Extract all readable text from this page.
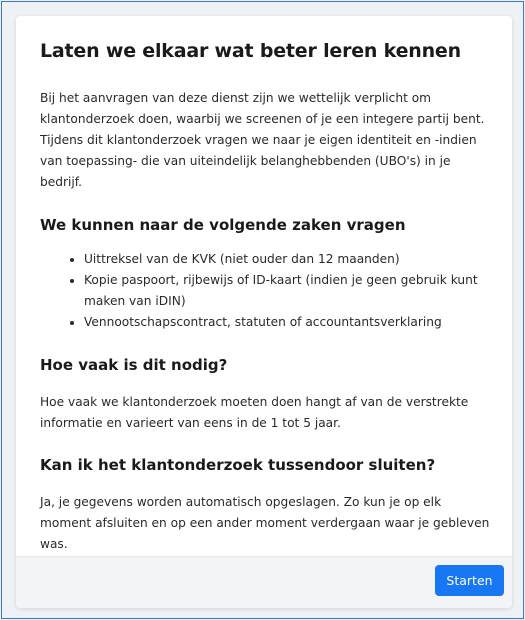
Laten we elkaar wat beter leren kennen

Bij het aanvragen van deze dienst zijn we wettelijk verplicht om klantonderzoek doen, waarbij we screenen of je een integere partij bent. Tijdens dit klantonderzoek vragen we naar je eigen identiteit en -indien van toepassing- die van uiteindelijk belanghebbenden (UBO's) in je bedrijf.

We kunnen naar de volgende zaken vragen
• Uittreksel van de KVK (niet ouder dan 12 maanden)
• Kopie paspoort, rijbewijs of ID-kaart (indien je geen gebruik kunt maken van iDIN)
• Vennootschapscontract, statuten of accountantsverklaring
Hoe vaak is dit nodig?

Hoe vaak we klantonderzoek moeten doen hangt af van de verstrekte informatie en varieert van eens in de 1 tot 5 jaar.

Kan ik het klantonderzoek tussendoor sluiten?

Ja, je gegevens worden automatisch opgeslagen. Zo kun je op elk moment afsluiten en op een ander moment verdergaan waar je gebleven was.

Starten
